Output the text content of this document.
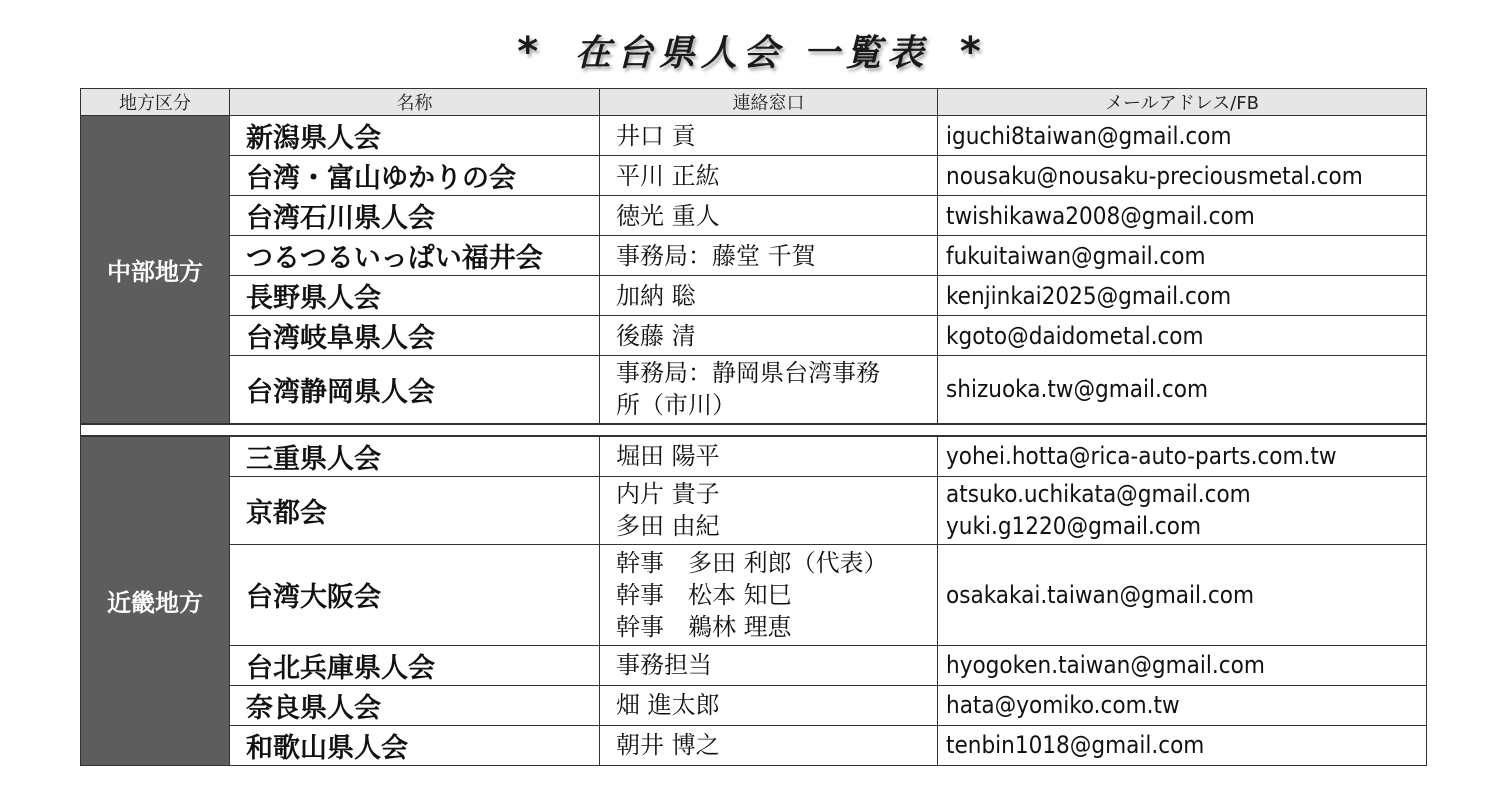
* 在台県人会 一覧表 *
地方区分	名称	連絡窓口	メールアドレス/FB
中部地方	新潟県人会	井口 貢	iguchi8taiwan@gmail.com

	台湾・富山ゆかりの会	平川 正紘	nousaku@nousaku-preciousmetal.com

	台湾石川県人会	徳光 重人	twishikawa2008@gmail.com

	つるつるいっぱい福井会	事務局：藤堂 千賀	fukuitaiwan@gmail.com

	長野県人会	加納 聡	kenjinkai2025@gmail.com

	台湾岐阜県人会	後藤 清	kgoto@daidometal.com

	台湾静岡県人会	事務局：静岡県台湾事務
所（市川）	shizuoka.tw@gmail.com

近畿地方	三重県人会	堀田 陽平	yohei.hotta@rica-auto-parts.com.tw

	京都会	内片 貴子
多田 由紀	atsuko.uchikata@gmail.com
yuki.g1220@gmail.com

	台湾大阪会	幹事　多田 利郎（代表）
幹事　松本 知巳
幹事　鵜林 理恵	osakakai.taiwan@gmail.com

	台北兵庫県人会	事務担当	hyogoken.taiwan@gmail.com

	奈良県人会	畑 進太郎	hata@yomiko.com.tw

	和歌山県人会	朝井 博之	tenbin1018@gmail.com
